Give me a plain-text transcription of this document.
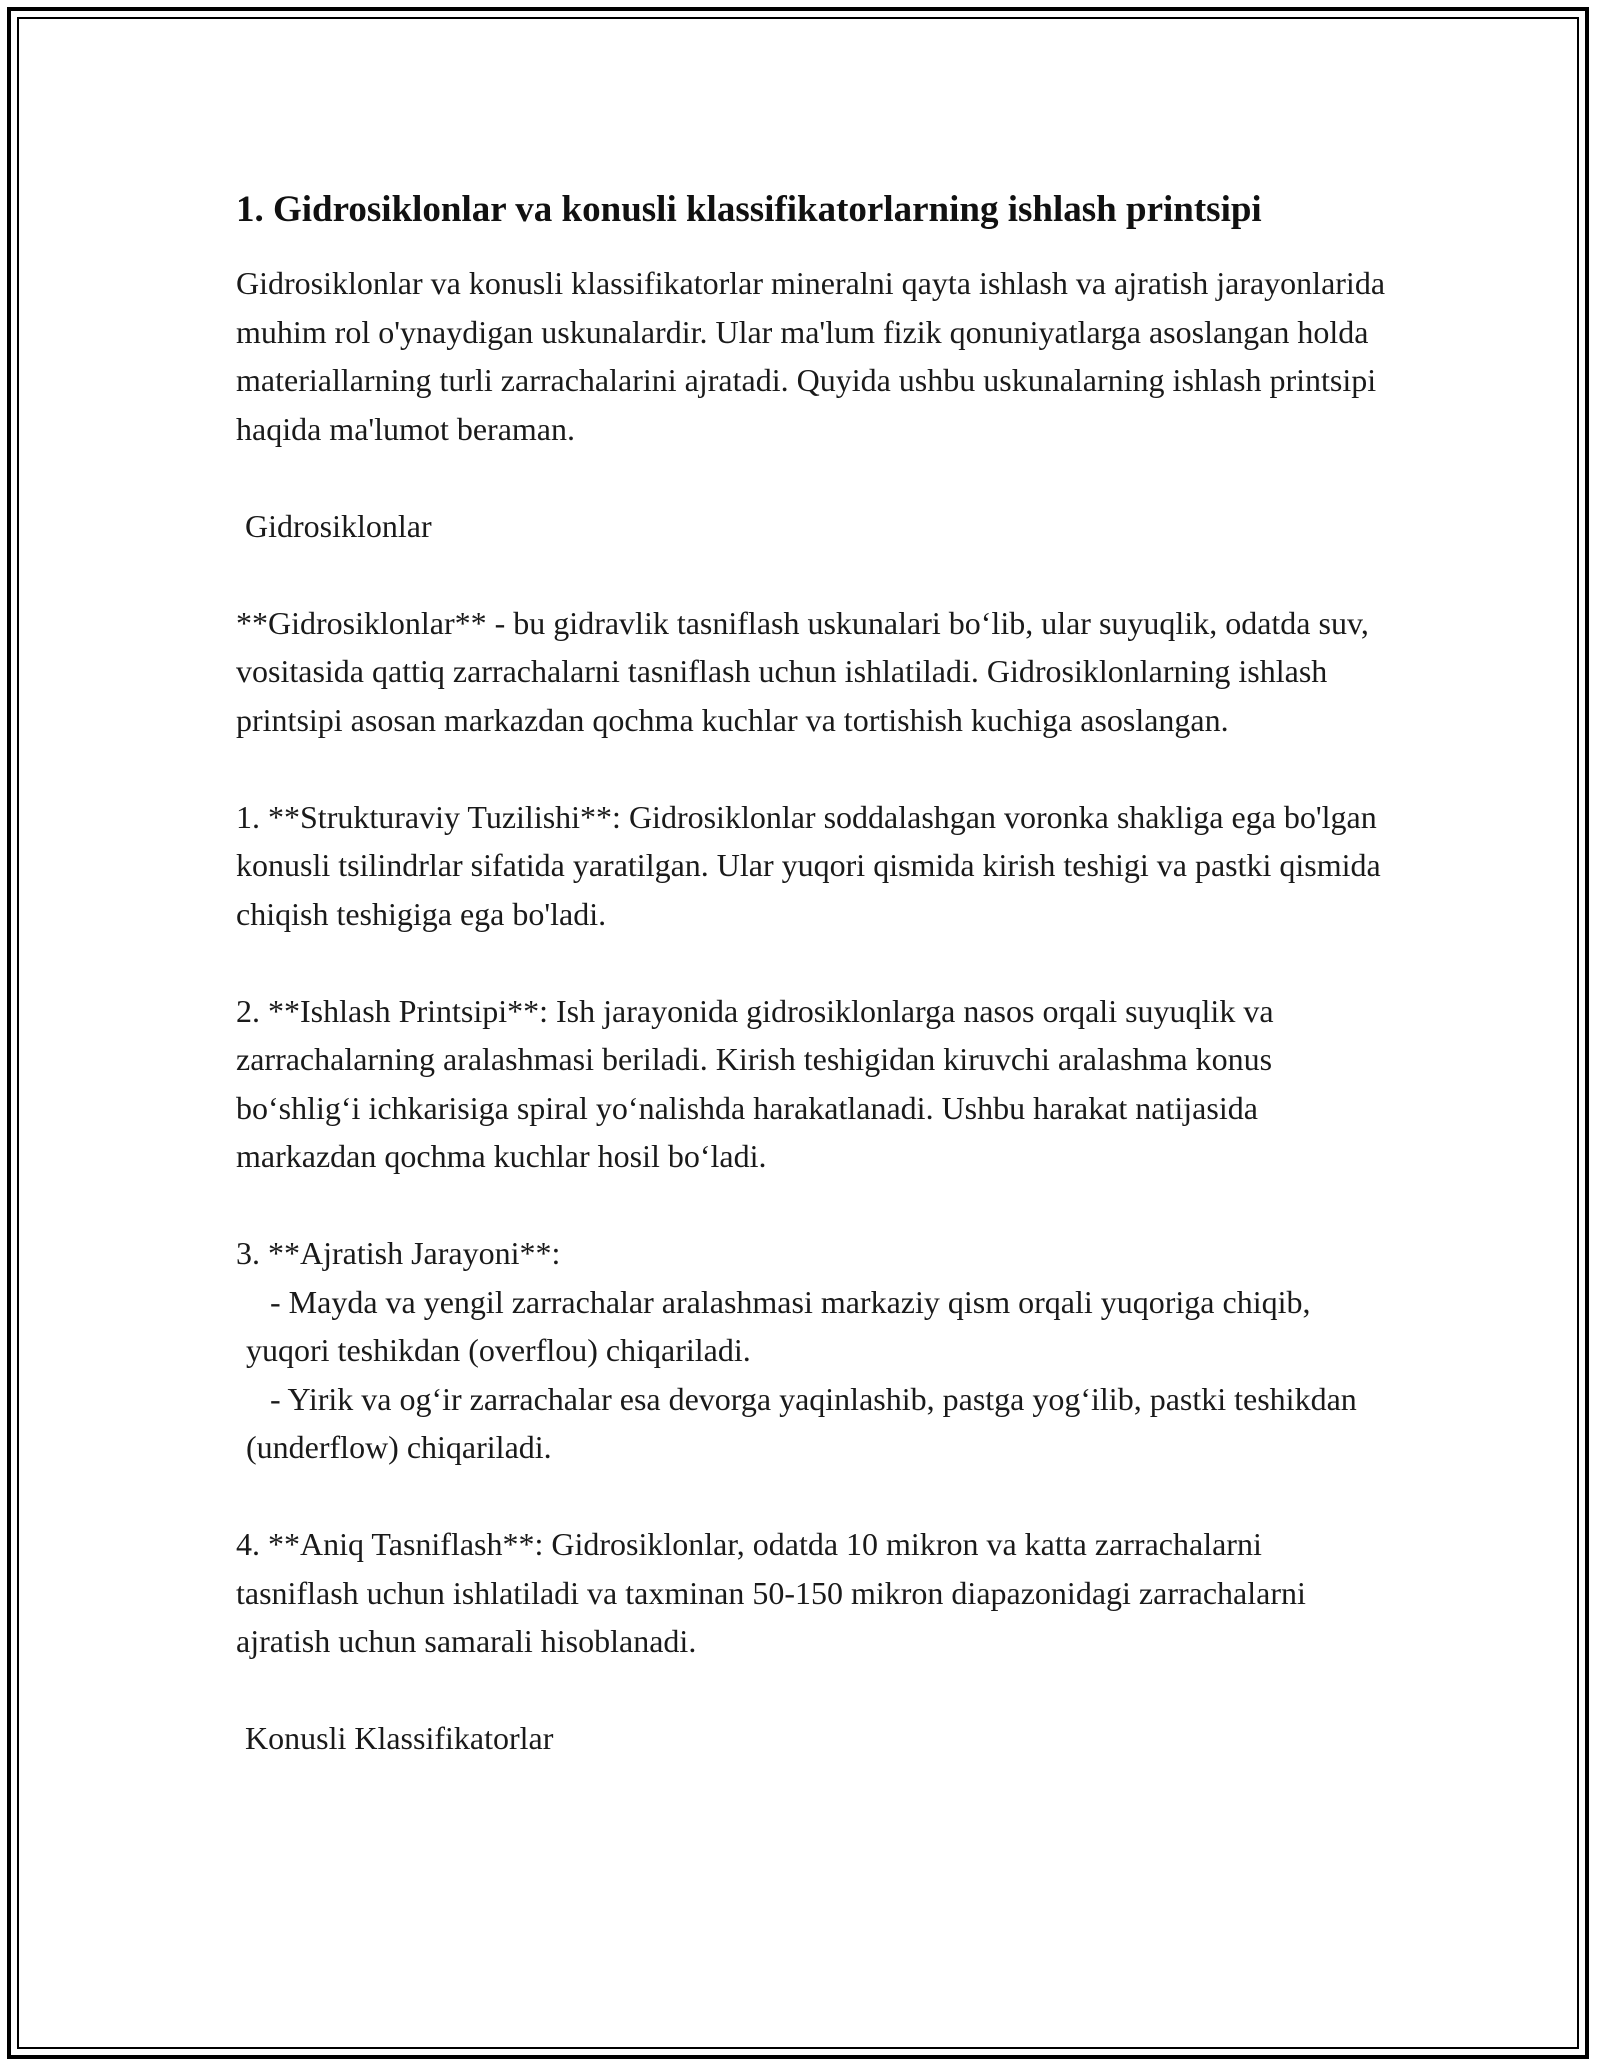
1. Gidrosiklonlar va konusli klassifikatorlarning ishlash printsipi

Gidrosiklonlar va konusli klassifikatorlar mineralni qayta ishlash va ajratish jarayonlarida muhim rol o'ynaydigan uskunalardir. Ular ma'lum fizik qonuniyatlarga asoslangan holda materiallarning turli zarrachalarini ajratadi. Quyida ushbu uskunalarning ishlash printsipi haqida ma'lumot beraman.

Gidrosiklonlar

**Gidrosiklonlar** - bu gidravlik tasniflash uskunalari bo‘lib, ular suyuqlik, odatda suv, vositasida qattiq zarrachalarni tasniflash uchun ishlatiladi. Gidrosiklonlarning ishlash printsipi asosan markazdan qochma kuchlar va tortishish kuchiga asoslangan.

1. **Strukturaviy Tuzilishi**: Gidrosiklonlar soddalashgan voronka shakliga ega bo'lgan konusli tsilindrlar sifatida yaratilgan. Ular yuqori qismida kirish teshigi va pastki qismida chiqish teshigiga ega bo'ladi.

2. **Ishlash Printsipi**: Ish jarayonida gidrosiklonlarga nasos orqali suyuqlik va zarrachalarning aralashmasi beriladi. Kirish teshigidan kiruvchi aralashma konus bo‘shlig‘i ichkarisiga spiral yo‘nalishda harakatlanadi. Ushbu harakat natijasida markazdan qochma kuchlar hosil bo‘ladi.

3. **Ajratish Jarayoni**:

- Mayda va yengil zarrachalar aralashmasi markaziy qism orqali yuqoriga chiqib, yuqori teshikdan (overflou) chiqariladi.

- Yirik va og‘ir zarrachalar esa devorga yaqinlashib, pastga yog‘ilib, pastki teshikdan (underflow) chiqariladi.

4. **Aniq Tasniflash**: Gidrosiklonlar, odatda 10 mikron va katta zarrachalarni tasniflash uchun ishlatiladi va taxminan 50-150 mikron diapazonidagi zarrachalarni ajratish uchun samarali hisoblanadi.

Konusli Klassifikatorlar
